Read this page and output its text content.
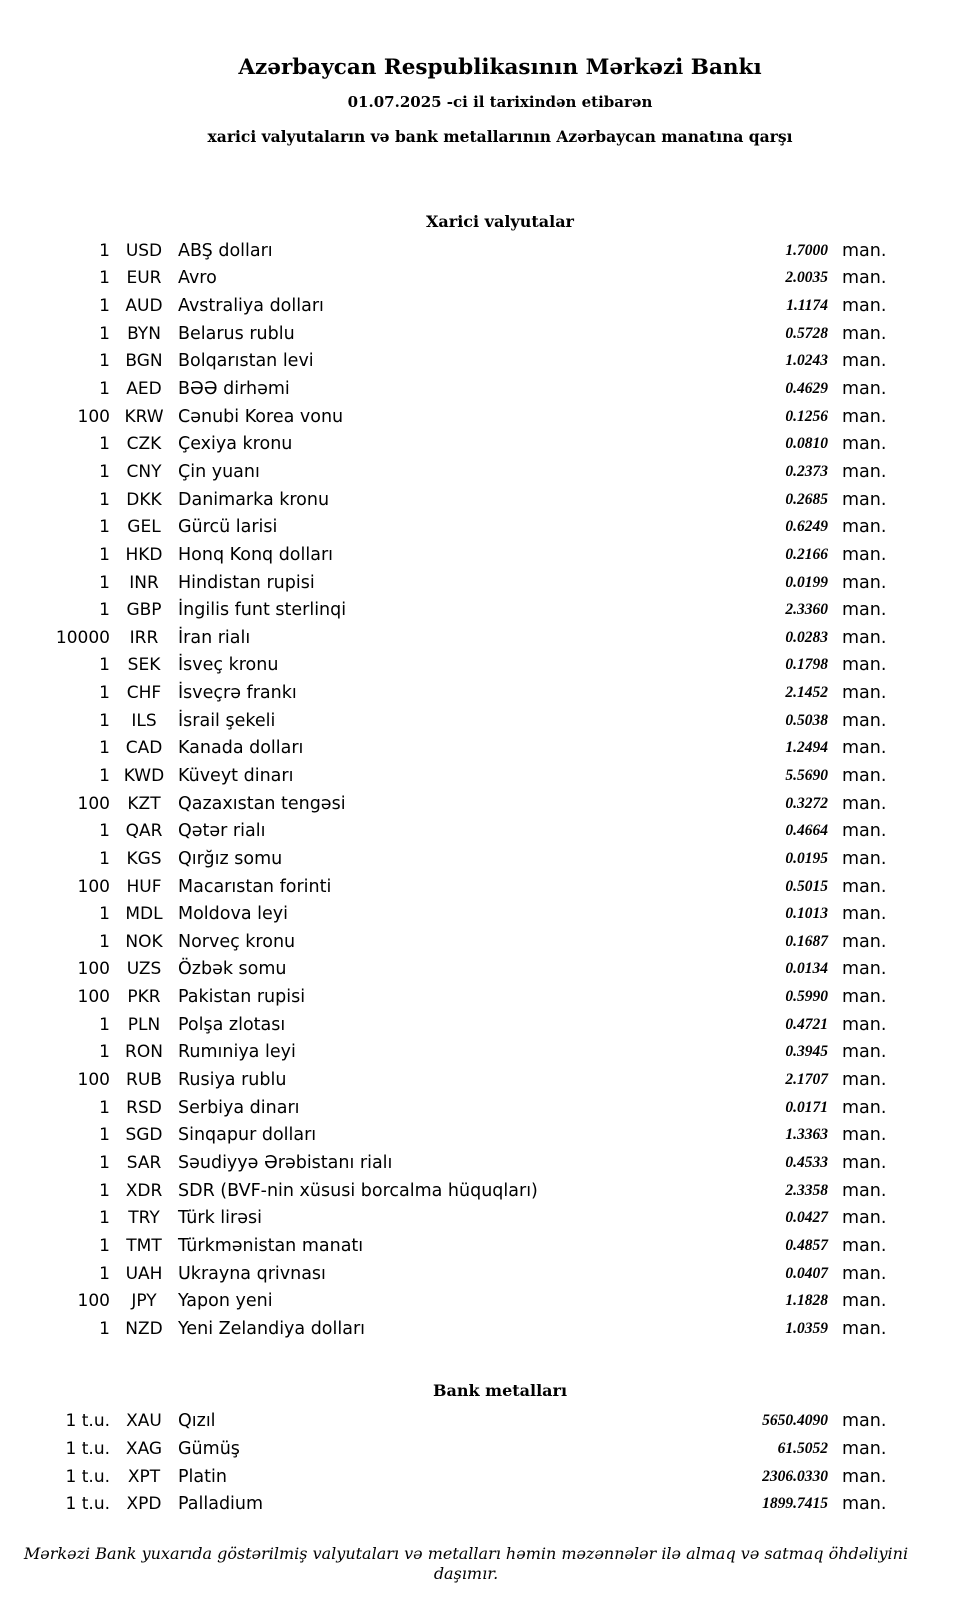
Azərbaycan Respublikasının Mərkəzi Bankı
01.07.2025 -ci il tarixindən etibarən
xarici valyutaların və bank metallarının Azərbaycan manatına qarşı
Xarici valyutalar
1 USD ABŞ dolları	1.7000 man.
1 EUR Avro	2.0035 man.
1 AUD Avstraliya dolları	1.1174 man.
1	BYN Belarus rublu	0.5728 man.
1 BGN Bolqarıstan levi	1.0243 man.
1 AED BƏƏ dirhəmi	0.4629 man.
100 KRW Cənubi Korea vonu	0.1256 man.
1 CZK Çexiya kronu	0.0810 man.
1 CNY Çin yuanı	0.2373 man.
1 DKK Danimarka kronu	0.2685 man.
1	GEL Gürcü larisi	0.6249 man.
1 HKD Honq Konq dolları	0.2166 man.
1	INR	Hindistan rupisi	0.0199 man.
1 GBP İngilis funt sterlinqi	2.3360 man.
10000	IRR	İran rialı	0.0283 man.
1	SEK	İsveç kronu	0.1798 man.
1 CHF İsveçrə frankı	2.1452 man.
1	ILS	İsrail şekeli	0.5038 man.
1 CAD Kanada dolları	1.2494 man.
1 KWD Küveyt dinarı	5.5690 man.
100	KZT Qazaxıstan tengəsi	0.3272 man.
1 QAR Qətər rialı	0.4664 man.
1 KGS Qırğız somu	0.0195 man.
100 HUF Macarıstan forinti	0.5015 man.
1 MDL Moldova leyi	0.1013 man.
1 NOK Norveç kronu	0.1687 man.
100 UZS Özbək somu	0.0134 man.
100	PKR Pakistan rupisi	0.5990 man.
1	PLN	Polşa zlotası	0.4721 man.
1 RON Rumıniya leyi	0.3945 man.
100 RUB Rusiya rublu	2.1707 man.
1 RSD Serbiya dinarı	0.0171 man.
1 SGD Sinqapur dolları	1.3363 man.
1 SAR Səudiyyə Ərəbistanı rialı	0.4533 man.
1 XDR SDR (BVF-nin xüsusi borcalma hüquqları)	2.3358 man.
1	TRY	Türk lirəsi	0.0427 man.
1 TMT Türkmənistan manatı	0.4857 man.
1 UAH Ukrayna qrivnası	0.0407 man.
100	JPY	Yapon yeni	1.1828 man.
1 NZD Yeni Zelandiya dolları	1.0359 man.
Bank metalları
1 t.u. XAU Qızıl	5650.4090 man.
1 t.u. XAG Gümüş	61.5052 man.
1 t.u.	XPT	Platin	2306.0330 man.
1 t.u. XPD Palladium	1899.7415 man.
Mərkəzi Bank yuxarıda göstərilmiş valyutaları və metalları həmin məzənnələr ilə almaq və satmaq öhdəliyini daşımır.
